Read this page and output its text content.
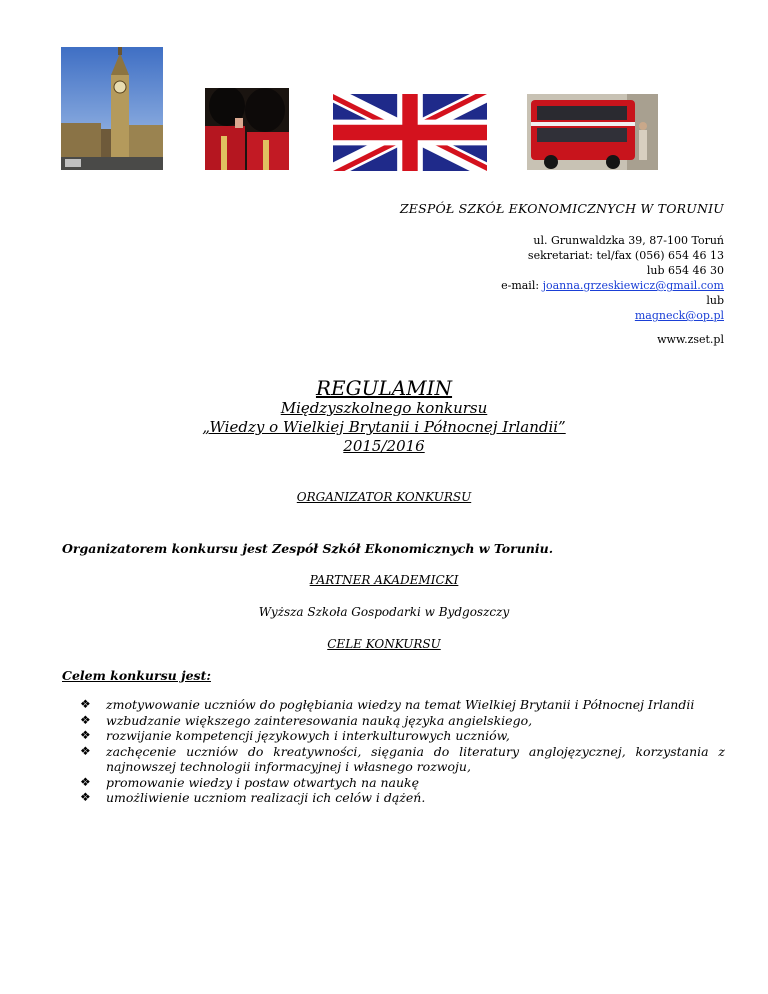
ZESPÓŁ SZKÓŁ EKONOMICZNYCH W TORUNIU
ul. Grunwaldzka 39, 87-100 Toruń
sekretariat: tel/fax (056) 654 46 13
lub 654 46 30
e-mail: joanna.grzeskiewicz@gmail.com
lub
magneck@op.pl
www.zset.pl
REGULAMIN
Międzyszkolnego konkursu
„Wiedzy o Wielkiej Brytanii i Północnej Irlandii”
2015/2016
ORGANIZATOR KONKURSU
Organizatorem konkursu jest Zespół Szkół Ekonomicznych w Toruniu.
PARTNER AKADEMICKI
Wyższa Szkoła Gospodarki w Bydgoszczy
CELE KONKURSU
Celem konkursu jest:
❖	zmotywowanie uczniów do pogłębiania wiedzy na temat Wielkiej Brytanii i Północnej Irlandii
❖	wzbudzanie większego zainteresowania nauką języka angielskiego,
❖	rozwijanie kompetencji językowych i interkulturowych uczniów,
❖	zachęcenie uczniów do kreatywności, sięgania do literatury anglojęzycznej, korzystania z najnowszej technologii informacyjnej i własnego rozwoju,
❖	promowanie wiedzy i postaw otwartych na naukę
❖	umożliwienie uczniom realizacji ich celów i dążeń.
